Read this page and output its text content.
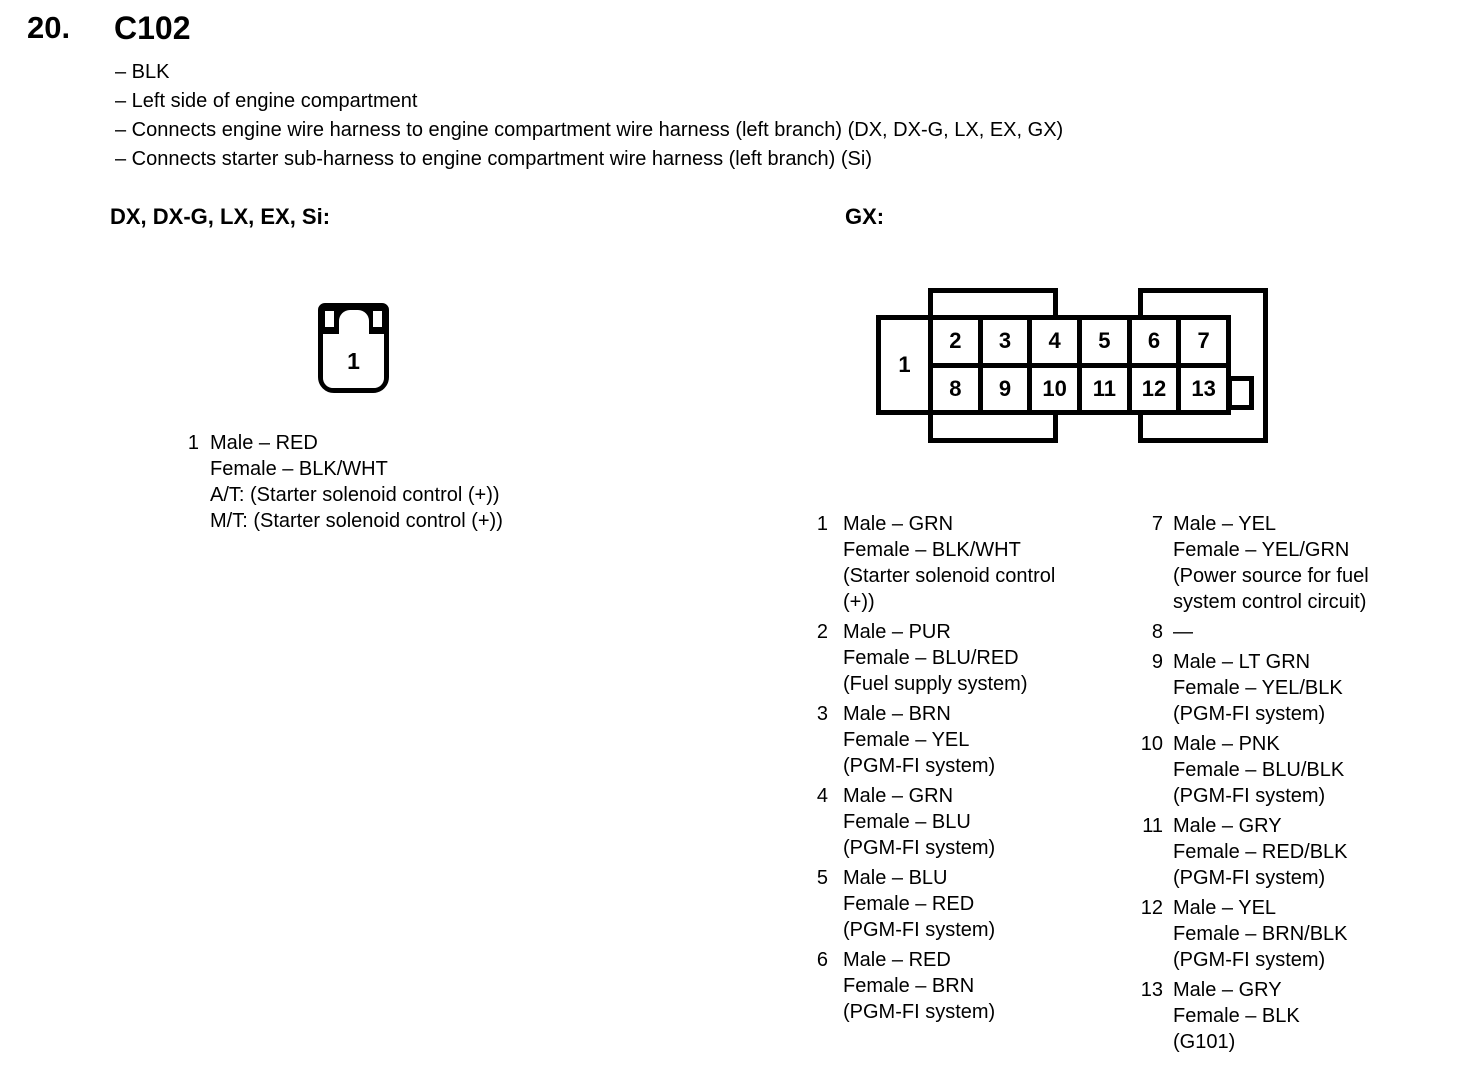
20. C102
– BLK
– Left side of engine compartment
– Connects engine wire harness to engine compartment wire harness (left branch) (DX, DX-G, LX, EX, GX)
– Connects starter sub-harness to engine compartment wire harness (left branch) (Si)
DX, DX-G, LX, EX, Si:	GX:
1	1
2	3	4	5	6	7
8	9	10	11	12	13
1 Male – RED
Female – BLK/WHT
A/T: (Starter solenoid control (+))
M/T: (Starter solenoid control (+))	1 Male – GRN
Female – BLK/WHT
(Starter solenoid control
(+))
2 Male – PUR
Female – BLU/RED
(Fuel supply system)
3 Male – BRN
Female – YEL
(PGM-FI system)
4 Male – GRN
Female – BLU
(PGM-FI system)
5 Male – BLU
Female – RED
(PGM-FI system)
6 Male – RED
Female – BRN
(PGM-FI system)
7 Male – YEL
Female – YEL/GRN
(Power source for fuel
system control circuit)
8 —
9 Male – LT GRN
Female – YEL/BLK
(PGM-FI system)
10 Male – PNK
Female – BLU/BLK
(PGM-FI system)
11 Male – GRY
Female – RED/BLK
(PGM-FI system)
12 Male – YEL
Female – BRN/BLK
(PGM-FI system)
13 Male – GRY
Female – BLK
(G101)
